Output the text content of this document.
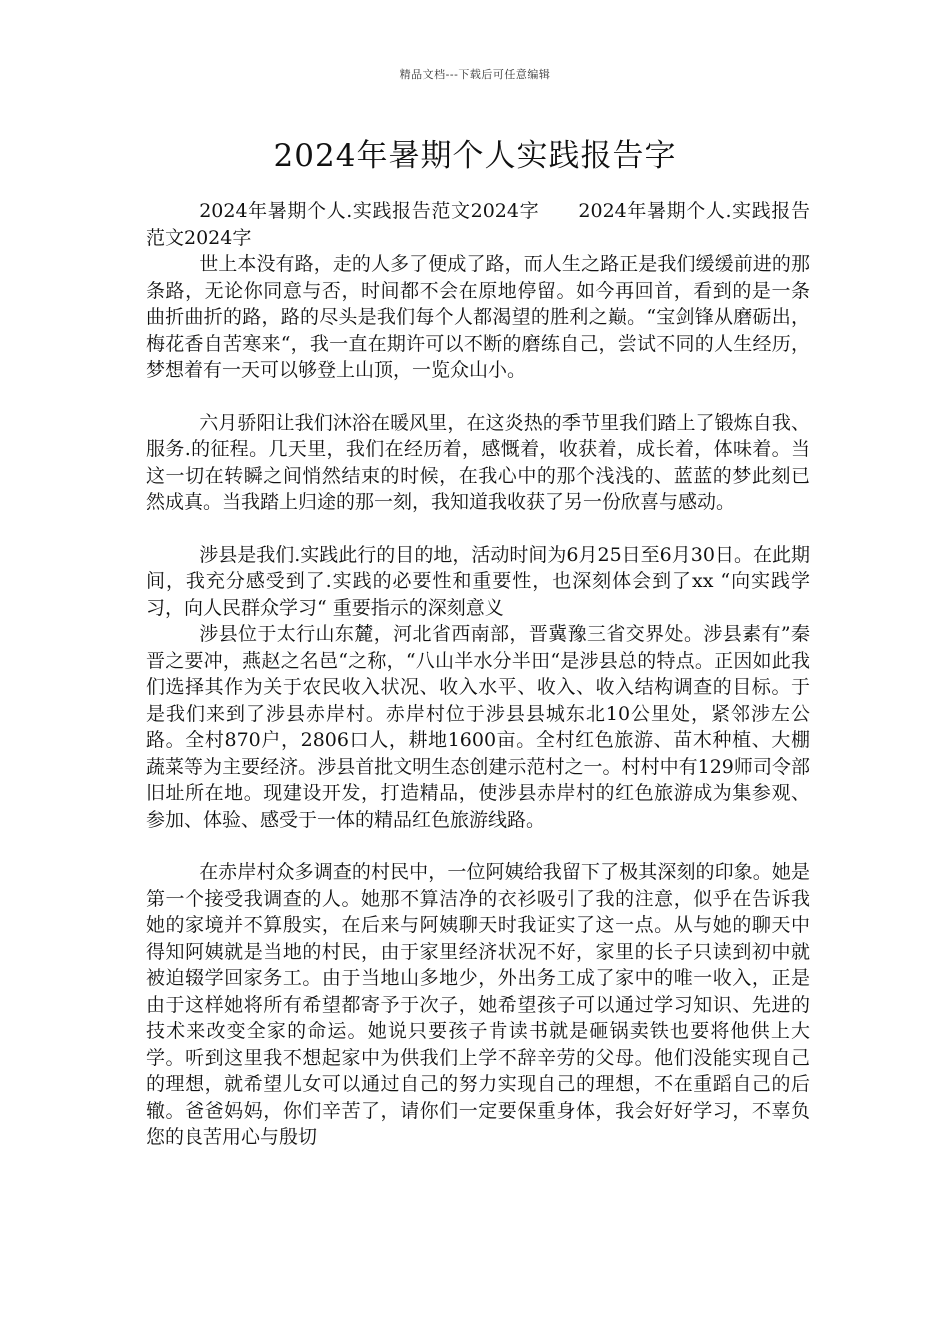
精品文档---下载后可任意编辑
2024年暑期个人实践报告字

2024年暑期个人.实践报告范文2024字　　2024年暑期个人.实践报告范文2024字

世上本没有路，走的人多了便成了路，而人生之路正是我们缓缓前进的那条路，无论你同意与否，时间都不会在原地停留。如今再回首，看到的是一条曲折曲折的路，路的尽头是我们每个人都渴望的胜利之巅。“宝剑锋从磨砺出，梅花香自苦寒来“，我一直在期许可以不断的磨练自己，尝试不同的人生经历，梦想着有一天可以够登上山顶，一览众山小。

六月骄阳让我们沐浴在暖风里，在这炎热的季节里我们踏上了锻炼自我、服务.的征程。几天里，我们在经历着，感慨着，收获着，成长着，体味着。当这一切在转瞬之间悄然结束的时候，在我心中的那个浅浅的、蓝蓝的梦此刻已然成真。当我踏上归途的那一刻，我知道我收获了另一份欣喜与感动。

涉县是我们.实践此行的目的地，活动时间为6月25日至6月30日。在此期间，我充分感受到了.实践的必要性和重要性，也深刻体会到了xx “向实践学习，向人民群众学习“ 重要指示的深刻意义

涉县位于太行山东麓，河北省西南部，晋冀豫三省交界处。涉县素有”秦晋之要冲，燕赵之名邑“之称，“八山半水分半田“是涉县总的特点。正因如此我们选择其作为关于农民收入状况、收入水平、收入、收入结构调查的目标。于是我们来到了涉县赤岸村。赤岸村位于涉县县城东北10公里处，紧邻涉左公路。全村870户，2806口人，耕地1600亩。全村红色旅游、苗木种植、大棚蔬菜等为主要经济。涉县首批文明生态创建示范村之一。村村中有129师司令部旧址所在地。现建设开发，打造精品，使涉县赤岸村的红色旅游成为集参观、参加、体验、感受于一体的精品红色旅游线路。

在赤岸村众多调查的村民中，一位阿姨给我留下了极其深刻的印象。她是第一个接受我调查的人。她那不算洁净的衣衫吸引了我的注意，似乎在告诉我她的家境并不算殷实，在后来与阿姨聊天时我证实了这一点。从与她的聊天中得知阿姨就是当地的村民，由于家里经济状况不好，家里的长子只读到初中就被迫辍学回家务工。由于当地山多地少，外出务工成了家中的唯一收入，正是由于这样她将所有希望都寄予于次子，她希望孩子可以通过学习知识、先进的技术来改变全家的命运。她说只要孩子肯读书就是砸锅卖铁也要将他供上大学。听到这里我不想起家中为供我们上学不辞辛劳的父母。他们没能实现自己的理想，就希望儿女可以通过自己的努力实现自己的理想，不在重蹈自己的后辙。爸爸妈妈，你们辛苦了，请你们一定要保重身体，我会好好学习，不辜负您的良苦用心与殷切
